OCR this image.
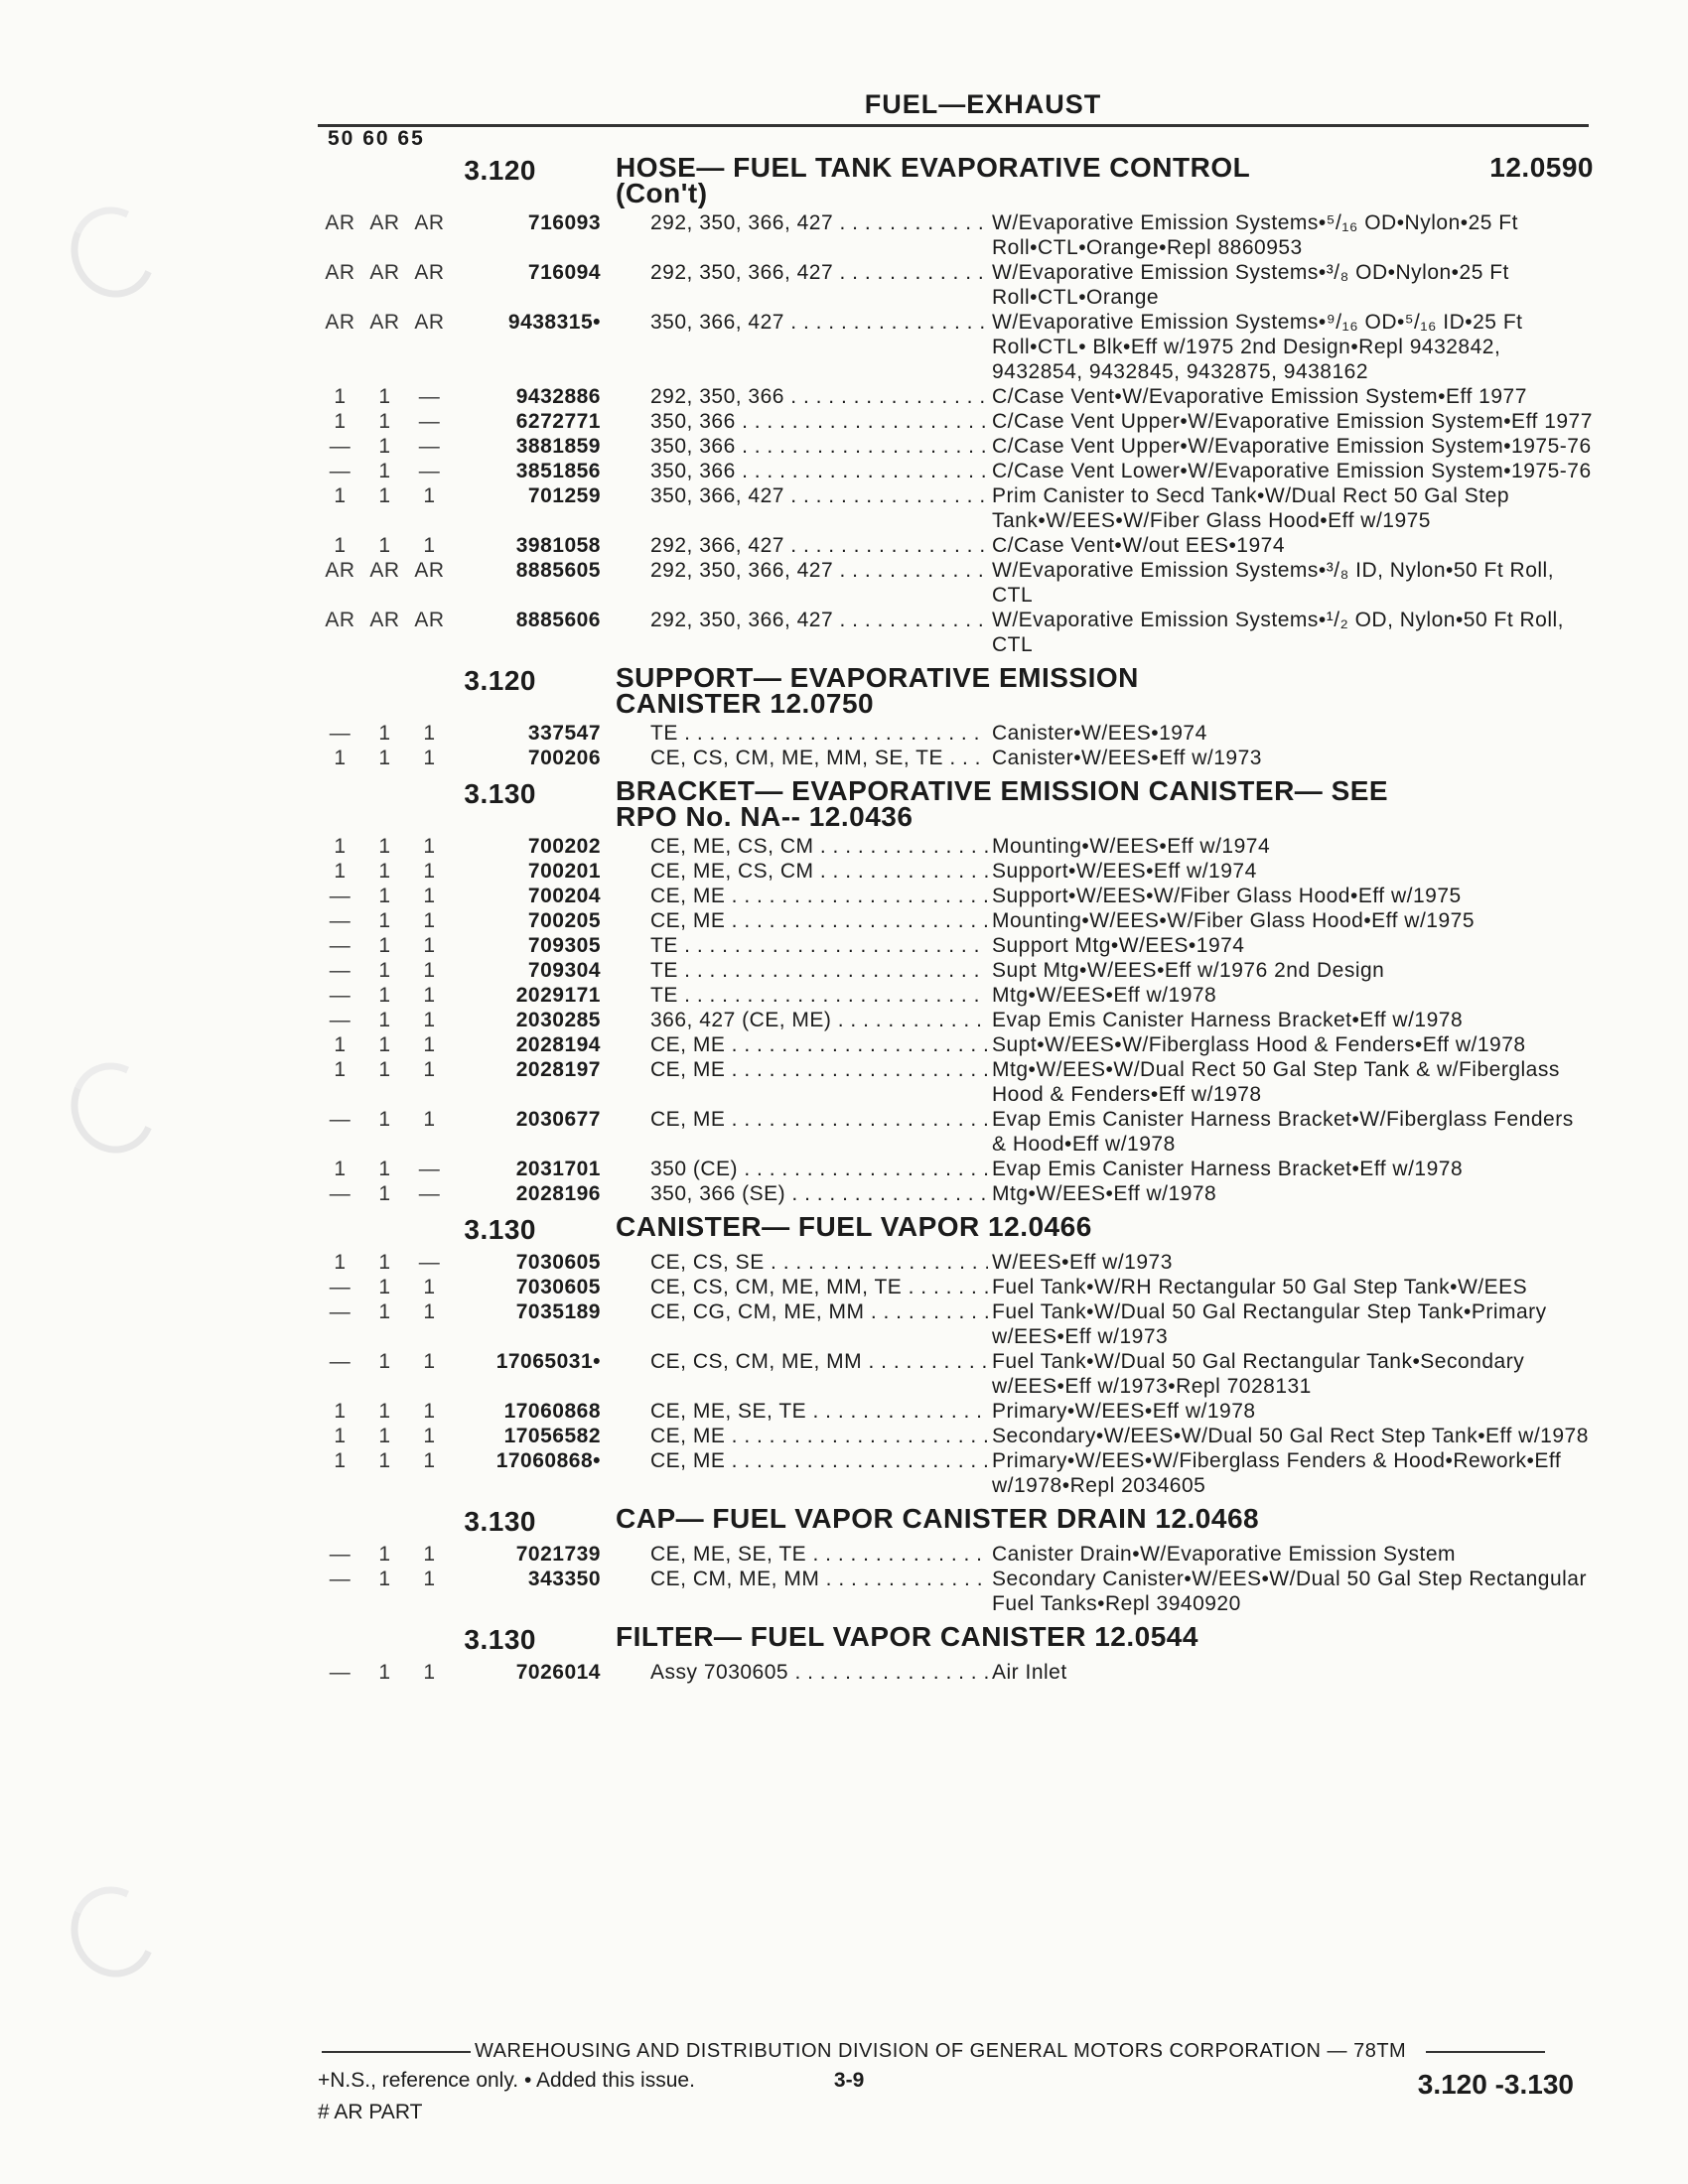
FUEL—EXHAUST
50 60 65
3.120	12.0590
HOSE— FUEL TANK EVAPORATIVE CONTROL
(Con't)
AR AR AR	716093	292, 350, 366, 427 . . .	W/Evaporative Emission Systems•⁵/₁₆ OD•Nylon•25 Ft Roll•CTL•Orange•Repl 8860953
AR AR AR	716094	292, 350, 366, 427 . . .	W/Evaporative Emission Systems•³/₈ OD•Nylon•25 Ft Roll•CTL•Orange
AR AR AR	9438315•	350, 366, 427 . . .	W/Evaporative Emission Systems•⁹/₁₆ OD•⁵/₁₆ ID•25 Ft Roll•CTL• Blk•Eff w/1975 2nd Design•Repl 9432842, 9432854, 9432845, 9432875, 9438162
1	1	—	9432886	292, 350, 366 . . .	C/Case Vent•W/Evaporative Emission System•Eff 1977
1	1	—	6272771	350, 366 . . .	C/Case Vent Upper•W/Evaporative Emission System•Eff 1977
—	1	—	3881859	350, 366 . . .	C/Case Vent Upper•W/Evaporative Emission System•1975-76
—	1	—	3851856	350, 366 . . .	C/Case Vent Lower•W/Evaporative Emission System•1975-76
1	1	1	701259	350, 366, 427 . . .	Prim Canister to Secd Tank•W/Dual Rect 50 Gal Step Tank•W/EES•W/Fiber Glass Hood•Eff w/1975
1	1	1	3981058	292, 366, 427 . . .	C/Case Vent•W/out EES•1974
AR AR AR	8885605	292, 350, 366, 427 . . .	W/Evaporative Emission Systems•³/₈ ID, Nylon•50 Ft Roll, CTL
AR AR AR	8885606	292, 350, 366, 427 . . .	W/Evaporative Emission Systems•¹/₂ OD, Nylon•50 Ft Roll, CTL
3.120	SUPPORT— EVAPORATIVE EMISSION
CANISTER 12.0750
—	1	1	337547	TE . . .	Canister•W/EES•1974
1	1	1	700206	CE, CS, CM, ME, MM, SE, TE . . .	Canister•W/EES•Eff w/1973
3.130	BRACKET— EVAPORATIVE EMISSION CANISTER— SEE
RPO No. NA-- 12.0436
1	1	1	700202	CE, ME, CS, CM . . .	Mounting•W/EES•Eff w/1974
1	1	1	700201	CE, ME, CS, CM . . .	Support•W/EES•Eff w/1974
—	1	1	700204	CE, ME . . .	Support•W/EES•W/Fiber Glass Hood•Eff w/1975
—	1	1	700205	CE, ME . . .	Mounting•W/EES•W/Fiber Glass Hood•Eff w/1975
—	1	1	709305	TE . . .	Support Mtg•W/EES•1974
—	1	1	709304	TE . . .	Supt Mtg•W/EES•Eff w/1976 2nd Design
—	1	1	2029171	TE . . .	Mtg•W/EES•Eff w/1978
—	1	1	2030285	366, 427 (CE, ME) . . .	Evap Emis Canister Harness Bracket•Eff w/1978
1	1	1	2028194	CE, ME . . .	Supt•W/EES•W/Fiberglass Hood & Fenders•Eff w/1978
1	1	1	2028197	CE, ME . . .	Mtg•W/EES•W/Dual Rect 50 Gal Step Tank & w/Fiberglass Hood & Fenders•Eff w/1978
—	1	1	2030677	CE, ME . . .	Evap Emis Canister Harness Bracket•W/Fiberglass Fenders & Hood•Eff w/1978
1	1	—	2031701	350 (CE) . . .	Evap Emis Canister Harness Bracket•Eff w/1978
—	1	—	2028196	350, 366 (SE) . . .	Mtg•W/EES•Eff w/1978
3.130	CANISTER— FUEL VAPOR 12.0466
1	1	—	7030605	CE, CS, SE . . .	W/EES•Eff w/1973
—	1	1	7030605	CE, CS, CM, ME, MM, TE . . .	Fuel Tank•W/RH Rectangular 50 Gal Step Tank•W/EES
—	1	1	7035189	CE, CG, CM, ME, MM . . .	Fuel Tank•W/Dual 50 Gal Rectangular Step Tank•Primary w/EES•Eff w/1973
—	1	1	17065031•	CE, CS, CM, ME, MM . . .	Fuel Tank•W/Dual 50 Gal Rectangular Tank•Secondary w/EES•Eff w/1973•Repl 7028131
1	1	1	17060868	CE, ME, SE, TE . . .	Primary•W/EES•Eff w/1978
1	1	1	17056582	CE, ME . . .	Secondary•W/EES•W/Dual 50 Gal Rect Step Tank•Eff w/1978
1	1	1	17060868•	CE, ME . . .	Primary•W/EES•W/Fiberglass Fenders & Hood•Rework•Eff w/1978•Repl 2034605
3.130	CAP— FUEL VAPOR CANISTER DRAIN 12.0468
—	1	1	7021739	CE, ME, SE, TE . . .	Canister Drain•W/Evaporative Emission System
—	1	1	343350	CE, CM, ME, MM . . .	Secondary Canister•W/EES•W/Dual 50 Gal Step Rectangular Fuel Tanks•Repl 3940920
3.130	FILTER— FUEL VAPOR CANISTER 12.0544
—	1	1	7026014	Assy 7030605 . . .	Air Inlet
WAREHOUSING AND DISTRIBUTION DIVISION OF GENERAL MOTORS CORPORATION — 78TM
+N.S., reference only. • Added this issue.	3-9	3.120 -3.130
# AR PART
